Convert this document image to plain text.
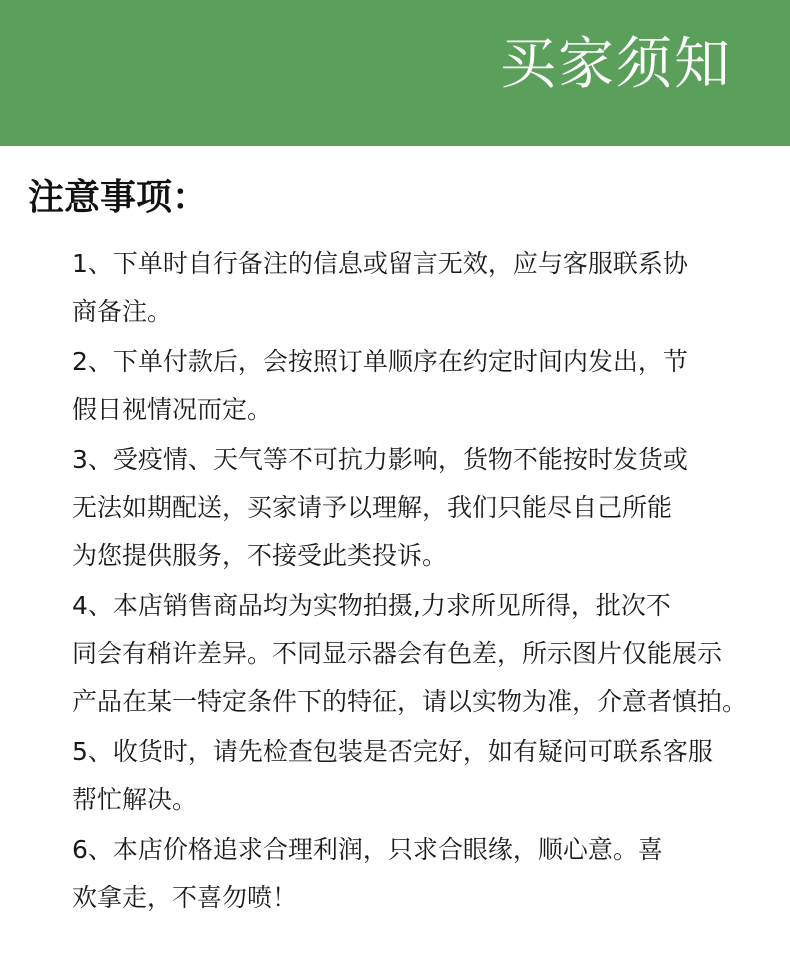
买家须知
注意事项：
1、下单时自行备注的信息或留言无效，应与客服联系协
商备注。
2、下单付款后，会按照订单顺序在约定时间内发出，节
假日视情况而定。
3、受疫情、天气等不可抗力影响，货物不能按时发货或
无法如期配送，买家请予以理解，我们只能尽自己所能
为您提供服务，不接受此类投诉。
4、本店销售商品均为实物拍摄,力求所见所得，批次不
同会有稍许差异。不同显示器会有色差，所示图片仅能展示
产品在某一特定条件下的特征，请以实物为准，介意者慎拍。
5、收货时，请先检查包装是否完好，如有疑问可联系客服
帮忙解决。
6、本店价格追求合理利润，只求合眼缘，顺心意。喜
欢拿走，不喜勿喷！
